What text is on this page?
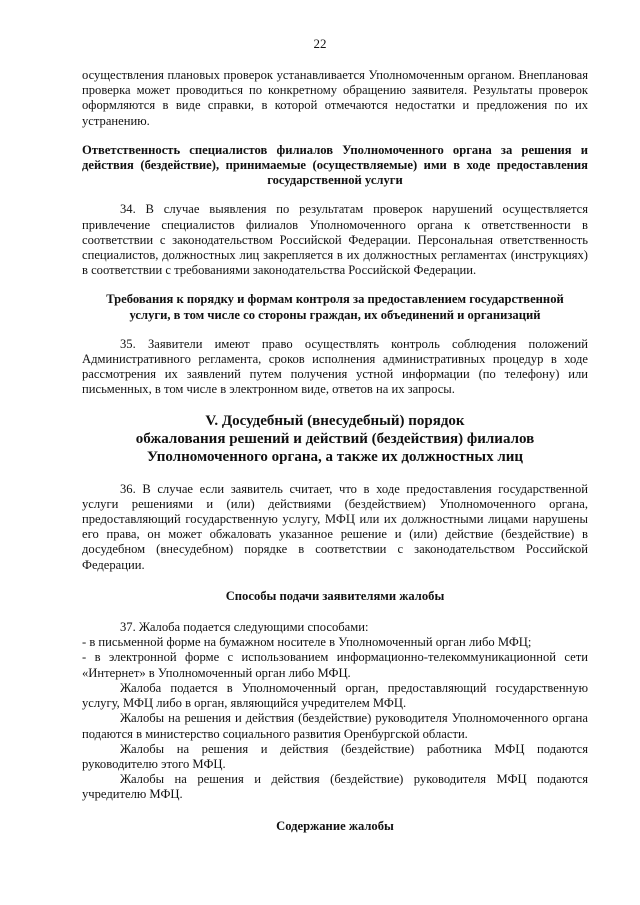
22

осуществления плановых проверок устанавливается Уполномоченным органом. Внеплановая проверка может проводиться по конкретному обращению заявителя. Результаты проверок оформляются в виде справки, в которой отмечаются недостатки и предложения по их устранению.

Ответственность специалистов филиалов Уполномоченного органа за решения и действия (бездействие), принимаемые (осуществляемые) ими в ходе предоставления государственной услуги

34. В случае выявления по результатам проверок нарушений осуществляется привлечение специалистов филиалов Уполномоченного органа к ответственности в соответствии с законодательством Российской Федерации. Персональная ответственность специалистов, должностных лиц закрепляется в их должностных регламентах (инструкциях) в соответствии с требованиями законодательства Российской Федерации.

Требования к порядку и формам контроля за предоставлением государственной услуги, в том числе со стороны граждан, их объединений и организаций

35. Заявители имеют право осуществлять контроль соблюдения положений Административного регламента, сроков исполнения административных процедур в ходе рассмотрения их заявлений путем получения устной информации (по телефону) или письменных, в том числе в электронном виде, ответов на их запросы.

V. Досудебный (внесудебный) порядок
обжалования решений и действий (бездействия) филиалов
Уполномоченного органа, а также их должностных лиц

36. В случае если заявитель считает, что в ходе предоставления государственной услуги решениями и (или) действиями (бездействием) Уполномоченного органа, предоставляющий государственную услугу, МФЦ или их должностными лицами нарушены его права, он может обжаловать указанное решение и (или) действие (бездействие) в досудебном (внесудебном) порядке в соответствии с законодательством Российской Федерации.

Способы подачи заявителями жалобы

37. Жалоба подается следующими способами:

- в письменной форме на бумажном носителе в Уполномоченный орган либо МФЦ;

- в электронной форме с использованием информационно-телекоммуникационной сети «Интернет» в Уполномоченный орган либо МФЦ.

Жалоба подается в Уполномоченный орган, предоставляющий государственную услугу, МФЦ либо в орган, являющийся учредителем МФЦ.

Жалобы на решения и действия (бездействие) руководителя Уполномоченного органа подаются в министерство социального развития Оренбургской области.

Жалобы на решения и действия (бездействие) работника МФЦ подаются руководителю этого МФЦ.

Жалобы на решения и действия (бездействие) руководителя МФЦ подаются учредителю МФЦ.

Содержание жалобы
